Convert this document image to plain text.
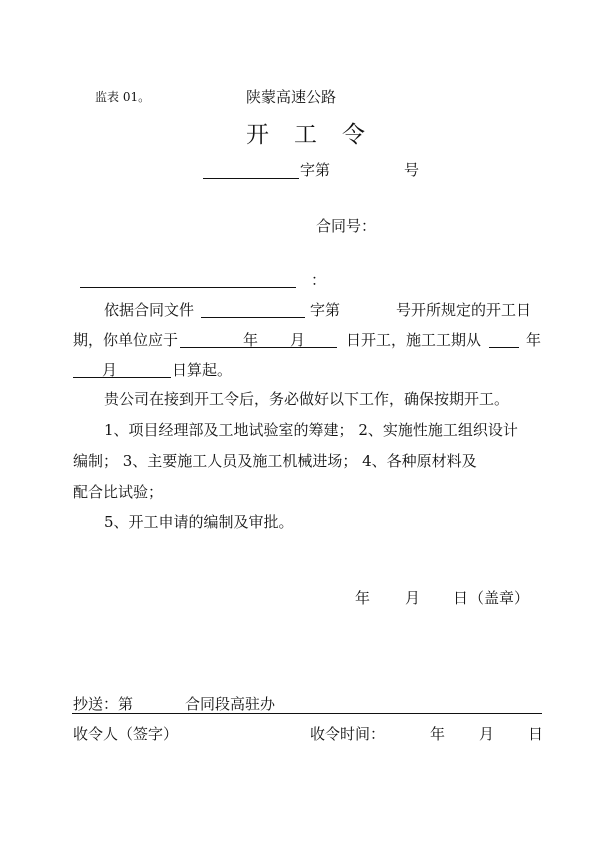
监表 01。	陕蒙高速公路
开 工 令
字第	号
合同号：
：
依据合同文件	字第	号开所规定的开工日
期，你单位应于	年 月	日开工，施工工期从	年
月	日算起。
贵公司在接到开工令后，务必做好以下工作，确保按期开工。
1、项目经理部及工地试验室的筹建； 2、实施性施工组织设计
编制； 3、主要施工人员及施工机械进场； 4、各种原材料及
配合比试验；
5、开工申请的编制及审批。
年 月 日 （盖章）
抄送：第	合同段高驻办
收令人（签字）	收令时间：	年 月 日
